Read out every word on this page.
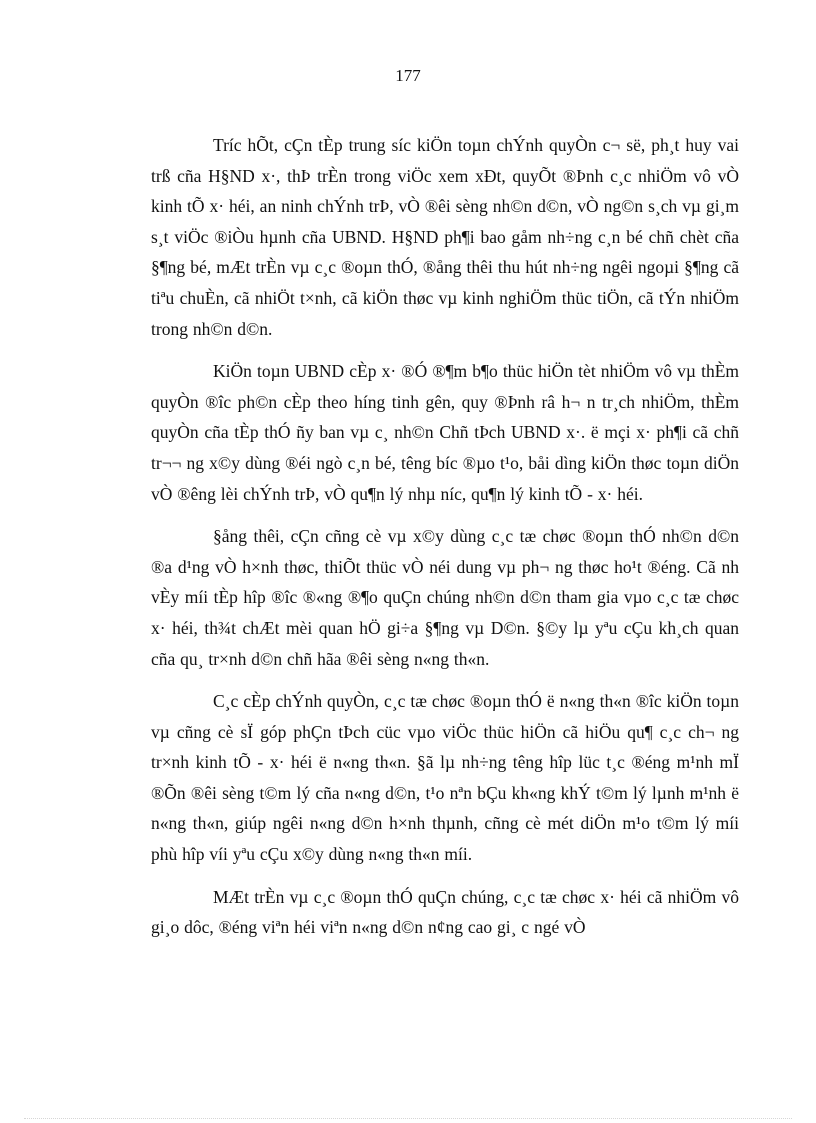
177

Tríc hÕt, cÇn tÈp trung síc kiÖn toµn chÝnh quyÒn c¬ së, ph¸t huy vai trß cña H§ND x·, thÞ trÈn trong viÖc xem xÐt, quyÕt ®Þnh c¸c nhiÖm vô vÒ kinh tÕ x· héi, an ninh chÝnh trÞ, vÒ ®êi sèng nh©n d©n, vÒ ng©n s¸ch vµ gi¸m s¸t viÖc ®iÒu hµnh cña UBND. H§ND ph¶i bao gåm nh÷ng c¸n bé chñ chèt cña §¶ng bé, mÆt trÈn vµ c¸c ®oµn thÓ, ®ång thêi thu hút nh÷ng ngêi ngoµi §¶ng cã tiªu chuÈn, cã nhiÖt t×nh, cã kiÖn thøc vµ kinh nghiÖm thüc tiÖn, cã tÝn nhiÖm trong nh©n d©n.

KiÖn toµn UBND cÈp x· ®Ó ®¶m b¶o thüc hiÖn tèt nhiÖm vô vµ thÈm quyÒn ®îc ph©n cÈp theo híng tinh gên, quy ®Þnh râ h¬ n tr¸ch nhiÖm, thÈm quyÒn cña tÈp thÓ ñy ban vµ c¸ nh©n Chñ tÞch UBND x·. ë mçi x· ph¶i cã chñ tr¬¬ ng x©y dùng ®éi ngò c¸n bé, têng bíc ®µo t¹o, båi dìng kiÖn thøc toµn diÖn vÒ ®êng lèi chÝnh trÞ, vÒ qu¶n lý nhµ níc, qu¶n lý kinh tÕ - x· héi.

§ång thêi, cÇn cñng cè vµ x©y dùng c¸c tæ chøc ®oµn thÓ nh©n d©n ®a d¹ng vÒ h×nh thøc, thiÕt thüc vÒ néi dung vµ ph¬ ng thøc ho¹t ®éng. Cã nh vÈy míi tÈp hîp ®îc ®«ng ®¶o quÇn chúng nh©n d©n tham gia vµo c¸c tæ chøc x· héi, th¾t chÆt mèi quan hÖ gi÷a §¶ng vµ D©n. §©y lµ yªu cÇu kh¸ch quan cña qu¸ tr×nh d©n chñ hãa ®êi sèng n«ng th«n.

C¸c cÈp chÝnh quyÒn, c¸c tæ chøc ®oµn thÓ ë n«ng th«n ®îc kiÖn toµn vµ cñng cè sÏ góp phÇn tÞch cüc vµo viÖc thüc hiÖn cã hiÖu qu¶ c¸c ch¬ ng tr×nh kinh tÕ - x· héi ë n«ng th«n. §ã lµ nh÷ng têng hîp lüc t¸c ®éng m¹nh mÏ ®Õn ®êi sèng t©m lý cña n«ng d©n, t¹o nªn bÇu kh«ng khÝ t©m lý lµnh m¹nh ë n«ng th«n, giúp ngêi n«ng d©n h×nh thµnh, cñng cè mét diÖn m¹o t©m lý míi phù hîp víi yªu cÇu x©y dùng n«ng th«n míi.

MÆt trÈn vµ c¸c ®oµn thÓ quÇn chúng, c¸c tæ chøc x· héi cã nhiÖm vô gi¸o dôc, ®éng viªn héi viªn n«ng d©n n¢ng cao gi¸ c ngé vÒ
